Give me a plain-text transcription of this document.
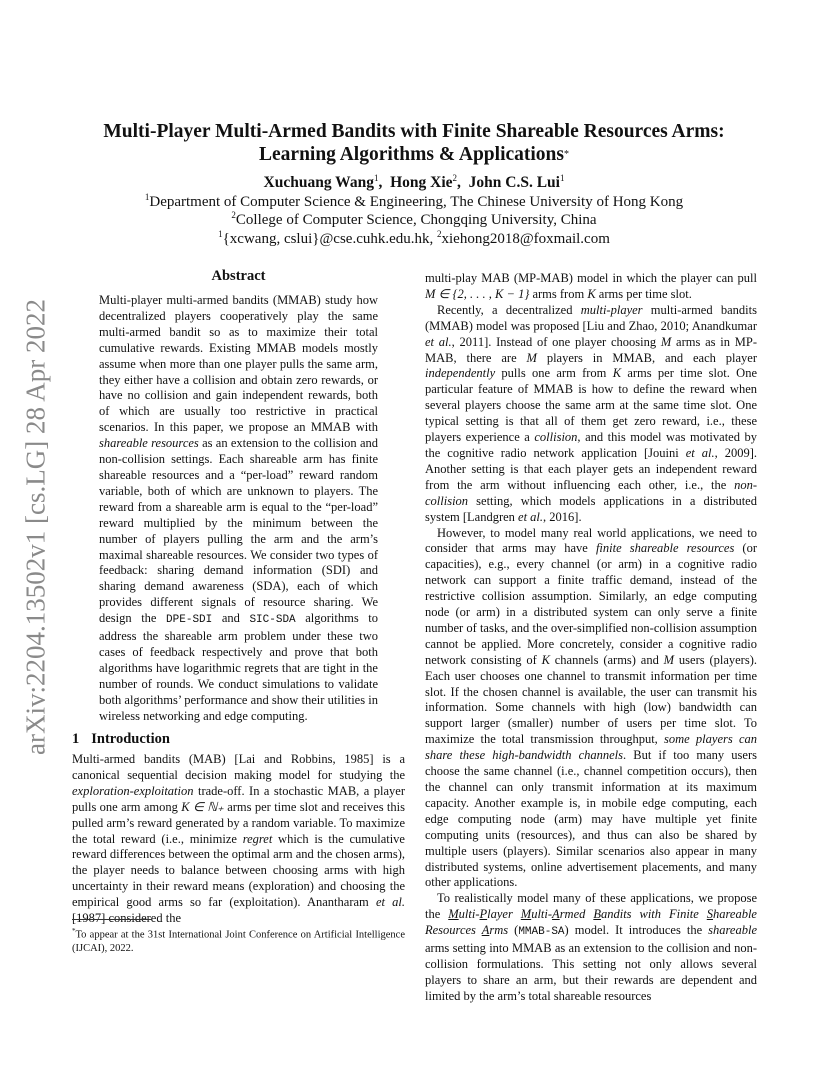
arXiv:2204.13502v1 [cs.LG] 28 Apr 2022
Multi-Player Multi-Armed Bandits with Finite Shareable Resources Arms:
Learning Algorithms & Applications*
Xuchuang Wang$^1$,  Hong Xie$^2$,  John C.S. Lui$^1$
$^1$Department of Computer Science & Engineering, The Chinese University of Hong Kong
$^2$College of Computer Science, Chongqing University, China
$^1${xcwang, cslui}@cse.cuhk.edu.hk, $^2$xiehong2018@foxmail.com
Abstract

Multi-player multi-armed bandits (MMAB) study how decentralized players cooperatively play the same multi-armed bandit so as to maximize their total cumulative rewards. Existing MMAB models mostly assume when more than one player pulls the same arm, they either have a collision and obtain zero rewards, or have no collision and gain independent rewards, both of which are usually too restrictive in practical scenarios. In this paper, we propose an MMAB with shareable resources as an extension to the collision and non-collision settings. Each shareable arm has finite shareable resources and a “per-load” reward random variable, both of which are unknown to players. The reward from a shareable arm is equal to the “per-load” reward multiplied by the minimum between the number of players pulling the arm and the arm’s maximal shareable resources. We consider two types of feedback: sharing demand information (SDI) and sharing demand awareness (SDA), each of which provides different signals of resource sharing. We design the DPE-SDI and SIC-SDA algorithms to address the shareable arm problem under these two cases of feedback respectively and prove that both algorithms have logarithmic regrets that are tight in the number of rounds. We conduct simulations to validate both algorithms’ performance and show their utilities in wireless networking and edge computing.

1 Introduction

Multi-armed bandits (MAB) [Lai and Robbins, 1985] is a canonical sequential decision making model for studying the exploration-exploitation trade-off. In a stochastic MAB, a player pulls one arm among K ∈ ℕ₊ arms per time slot and receives this pulled arm’s reward generated by a random variable. To maximize the total reward (i.e., minimize regret which is the cumulative reward differences between the optimal arm and the chosen arms), the player needs to balance between choosing arms with high uncertainty in their reward means (exploration) and choosing the empirical good arms so far (exploitation). Anantharam et al. [1987] considered the

*To appear at the 31st International Joint Conference on Artificial Intelligence (IJCAI), 2022.

multi-play MAB (MP-MAB) model in which the player can pull M ∈ {2, . . . , K − 1} arms from K arms per time slot.

Recently, a decentralized multi-player multi-armed bandits (MMAB) model was proposed [Liu and Zhao, 2010; Anandkumar et al., 2011]. Instead of one player choosing M arms as in MP-MAB, there are M players in MMAB, and each player independently pulls one arm from K arms per time slot. One particular feature of MMAB is how to define the reward when several players choose the same arm at the same time slot. One typical setting is that all of them get zero reward, i.e., these players experience a collision, and this model was motivated by the cognitive radio network application [Jouini et al., 2009]. Another setting is that each player gets an independent reward from the arm without influencing each other, i.e., the non-collision setting, which models applications in a distributed system [Landgren et al., 2016].

However, to model many real world applications, we need to consider that arms may have finite shareable resources (or capacities), e.g., every channel (or arm) in a cognitive radio network can support a finite traffic demand, instead of the restrictive collision assumption. Similarly, an edge computing node (or arm) in a distributed system can only serve a finite number of tasks, and the over-simplified non-collision assumption cannot be applied. More concretely, consider a cognitive radio network consisting of K channels (arms) and M users (players). Each user chooses one channel to transmit information per time slot. If the chosen channel is available, the user can transmit his information. Some channels with high (low) bandwidth can support larger (smaller) number of users per time slot. To maximize the total transmission throughput, some players can share these high-bandwidth channels. But if too many users choose the same channel (i.e., channel competition occurs), then the channel can only transmit information at its maximum capacity. Another example is, in mobile edge computing, each edge computing node (arm) may have multiple yet finite computing units (resources), and thus can also be shared by multiple users (players). Similar scenarios also appear in many distributed systems, online advertisement placements, and many other applications.

To realistically model many of these applications, we propose the Multi-Player Multi-Armed Bandits with Finite Shareable Resources Arms (MMAB-SA) model. It introduces the shareable arms setting into MMAB as an extension to the collision and non-collision formulations. This setting not only allows several players to share an arm, but their rewards are dependent and limited by the arm’s total shareable resources
